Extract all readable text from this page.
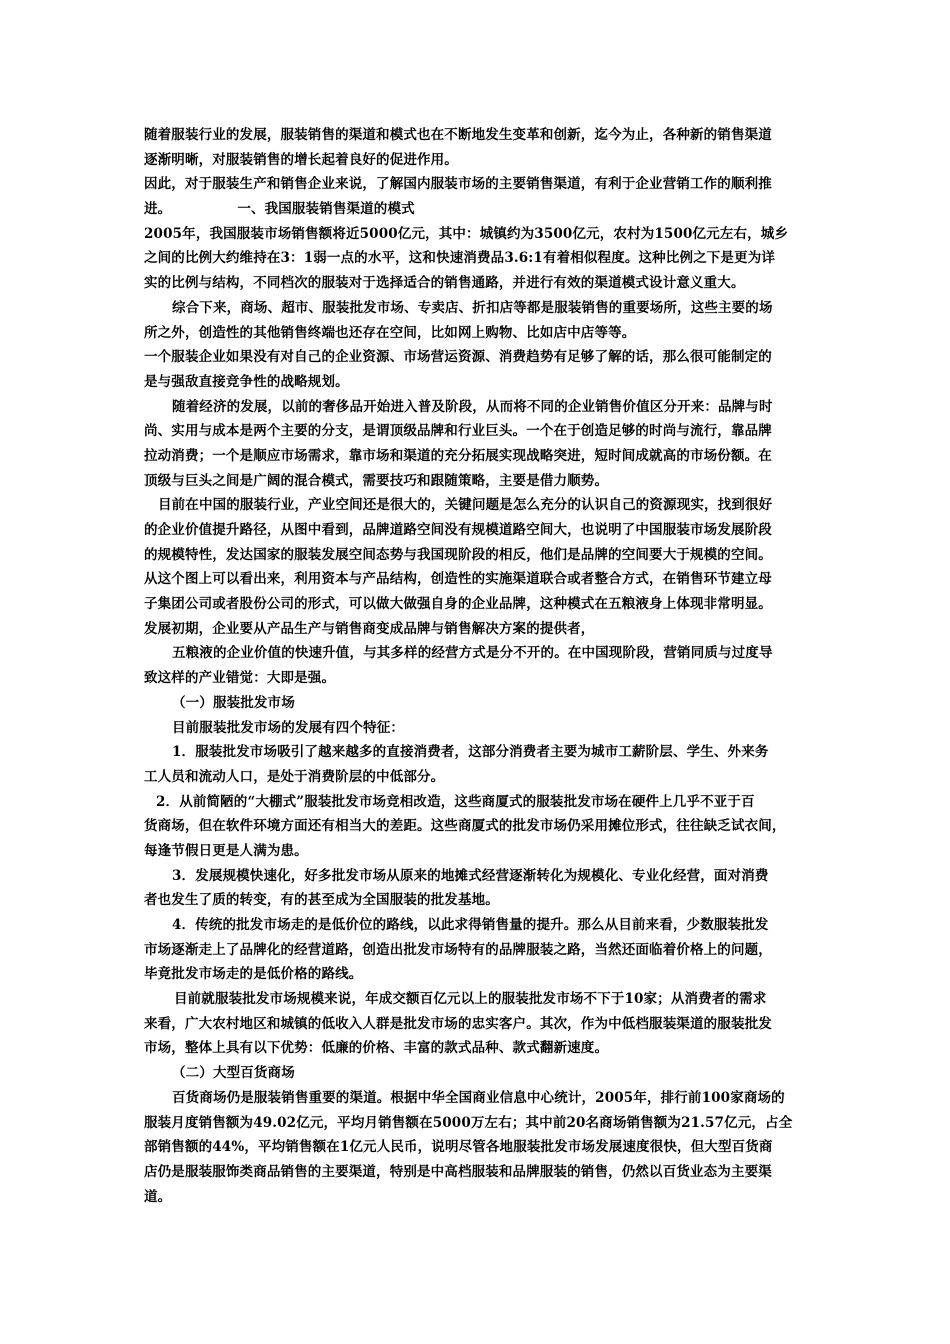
随着服装行业的发展，服装销售的渠道和模式也在不断地发生变革和创新，迄今为止，各种新的销售渠道
逐渐明晰，对服装销售的增长起着良好的促进作用。
因此，对于服装生产和销售企业来说，了解国内服装市场的主要销售渠道，有利于企业营销工作的顺利推
进。	一、我国服装销售渠道的模式
2005年，我国服装市场销售额将近5000亿元，其中：城镇约为3500亿元，农村为1500亿元左右，城乡
之间的比例大约维持在3：1弱一点的水平，这和快速消费品3.6:1有着相似程度。这种比例之下是更为详
实的比例与结构，不同档次的服装对于选择适合的销售通路，并进行有效的渠道模式设计意义重大。
综合下来，商场、超市、服装批发市场、专卖店、折扣店等都是服装销售的重要场所，这些主要的场
所之外，创造性的其他销售终端也还存在空间，比如网上购物、比如店中店等等。
一个服装企业如果没有对自己的企业资源、市场营运资源、消费趋势有足够了解的话，那么很可能制定的
是与强敌直接竞争性的战略规划。
随着经济的发展，以前的奢侈品开始进入普及阶段，从而将不同的企业销售价值区分开来：品牌与时
尚、实用与成本是两个主要的分支，是谓顶级品牌和行业巨头。一个在于创造足够的时尚与流行，靠品牌
拉动消费；一个是顺应市场需求，靠市场和渠道的充分拓展实现战略突进，短时间成就高的市场份额。在
顶级与巨头之间是广阔的混合模式，需要技巧和跟随策略，主要是借力顺势。
目前在中国的服装行业，产业空间还是很大的，关键问题是怎么充分的认识自己的资源现实，找到很好
的企业价值提升路径，从图中看到，品牌道路空间没有规模道路空间大，也说明了中国服装市场发展阶段
的规模特性，发达国家的服装发展空间态势与我国现阶段的相反，他们是品牌的空间要大于规模的空间。
从这个图上可以看出来，利用资本与产品结构，创造性的实施渠道联合或者整合方式，在销售环节建立母
子集团公司或者股份公司的形式，可以做大做强自身的企业品牌，这种模式在五粮液身上体现非常明显。
发展初期，企业要从产品生产与销售商变成品牌与销售解决方案的提供者，
五粮液的企业价值的快速升值，与其多样的经营方式是分不开的。在中国现阶段，营销同质与过度导
致这样的产业错觉：大即是强。
（一）服装批发市场
目前服装批发市场的发展有四个特征：
1．服装批发市场吸引了越来越多的直接消费者，这部分消费者主要为城市工薪阶层、学生、外来务
工人员和流动人口，是处于消费阶层的中低部分。
2．从前简陋的“大棚式”服装批发市场竞相改造，这些商厦式的服装批发市场在硬件上几乎不亚于百
货商场，但在软件环境方面还有相当大的差距。这些商厦式的批发市场仍采用摊位形式，往往缺乏试衣间，
每逢节假日更是人满为患。
3．发展规模快速化，好多批发市场从原来的地摊式经营逐渐转化为规模化、专业化经营，面对消费
者也发生了质的转变，有的甚至成为全国服装的批发基地。
4．传统的批发市场走的是低价位的路线，以此求得销售量的提升。那么从目前来看，少数服装批发
市场逐渐走上了品牌化的经营道路，创造出批发市场特有的品牌服装之路，当然还面临着价格上的问题，
毕竟批发市场走的是低价格的路线。
目前就服装批发市场规模来说，年成交额百亿元以上的服装批发市场不下于10家；从消费者的需求
来看，广大农村地区和城镇的低收入人群是批发市场的忠实客户。其次，作为中低档服装渠道的服装批发
市场，整体上具有以下优势：低廉的价格、丰富的款式品种、款式翻新速度。
（二）大型百货商场
百货商场仍是服装销售重要的渠道。根据中华全国商业信息中心统计，2005年，排行前100家商场的
服装月度销售额为49.02亿元，平均月销售额在5000万左右；其中前20名商场销售额为21.57亿元，占全
部销售额的44%，平均销售额在1亿元人民币，说明尽管各地服装批发市场发展速度很快，但大型百货商
店仍是服装服饰类商品销售的主要渠道，特别是中高档服装和品牌服装的销售，仍然以百货业态为主要渠
道。
